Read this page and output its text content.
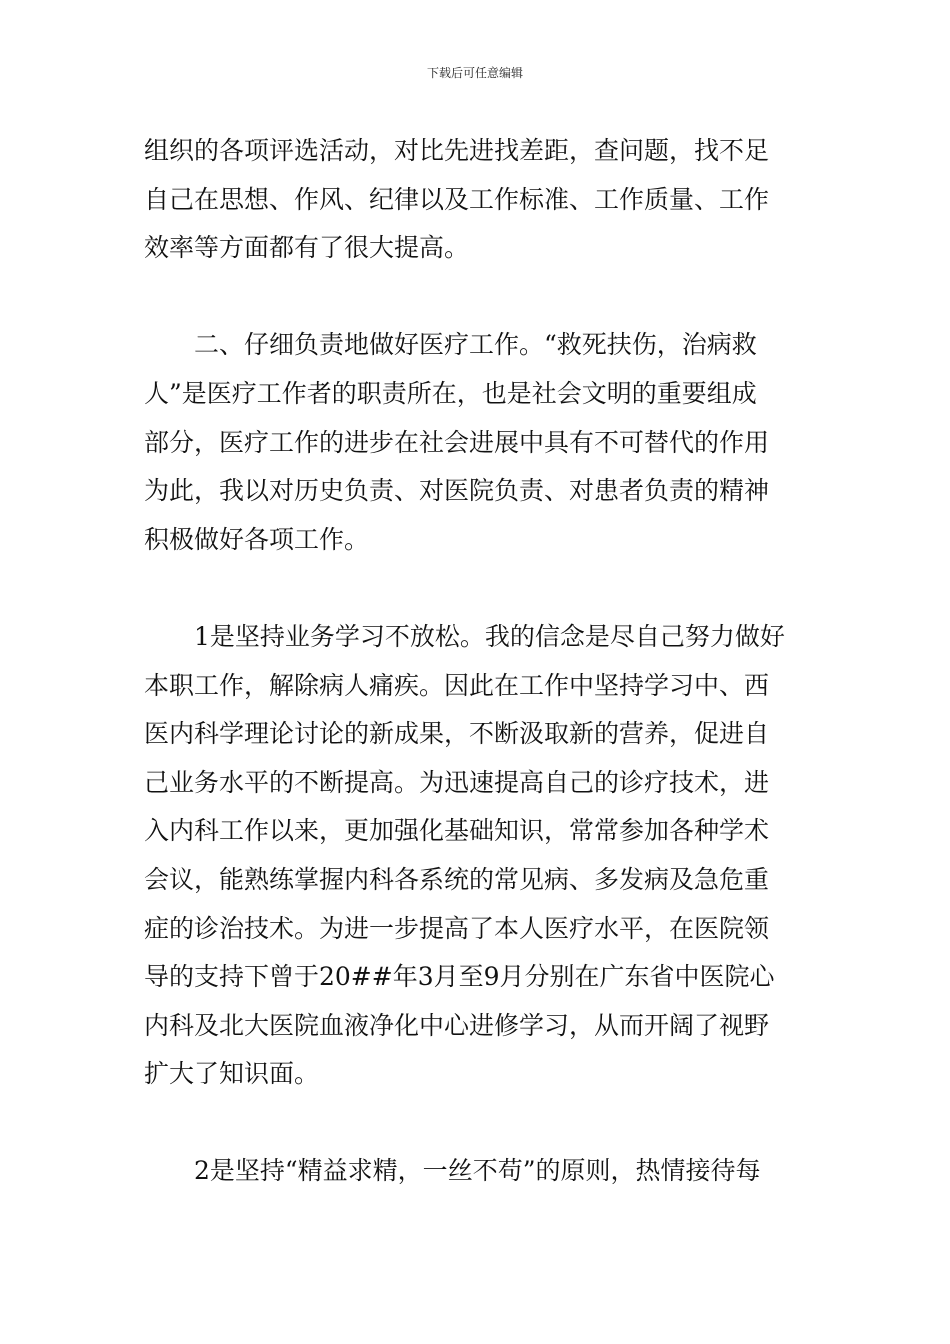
下载后可任意编辑
组织的各项评选活动，对比先进找差距，查问题，找不足
自己在思想、作风、纪律以及工作标准、工作质量、工作
效率等方面都有了很大提高。
　　二、仔细负责地做好医疗工作。“救死扶伤，治病救
人”是医疗工作者的职责所在，也是社会文明的重要组成
部分，医疗工作的进步在社会进展中具有不可替代的作用
为此，我以对历史负责、对医院负责、对患者负责的精神
积极做好各项工作。
　　1是坚持业务学习不放松。我的信念是尽自己努力做好
本职工作，解除病人痛疾。因此在工作中坚持学习中、西
医内科学理论讨论的新成果，不断汲取新的营养，促进自
己业务水平的不断提高。为迅速提高自己的诊疗技术，进
入内科工作以来，更加强化基础知识，常常参加各种学术
会议，能熟练掌握内科各系统的常见病、多发病及急危重
症的诊治技术。为进一步提高了本人医疗水平，在医院领
导的支持下曾于20##年3月至9月分别在广东省中医院心
内科及北大医院血液净化中心进修学习，从而开阔了视野
扩大了知识面。
　　2是坚持“精益求精，一丝不苟”的原则，热情接待每
